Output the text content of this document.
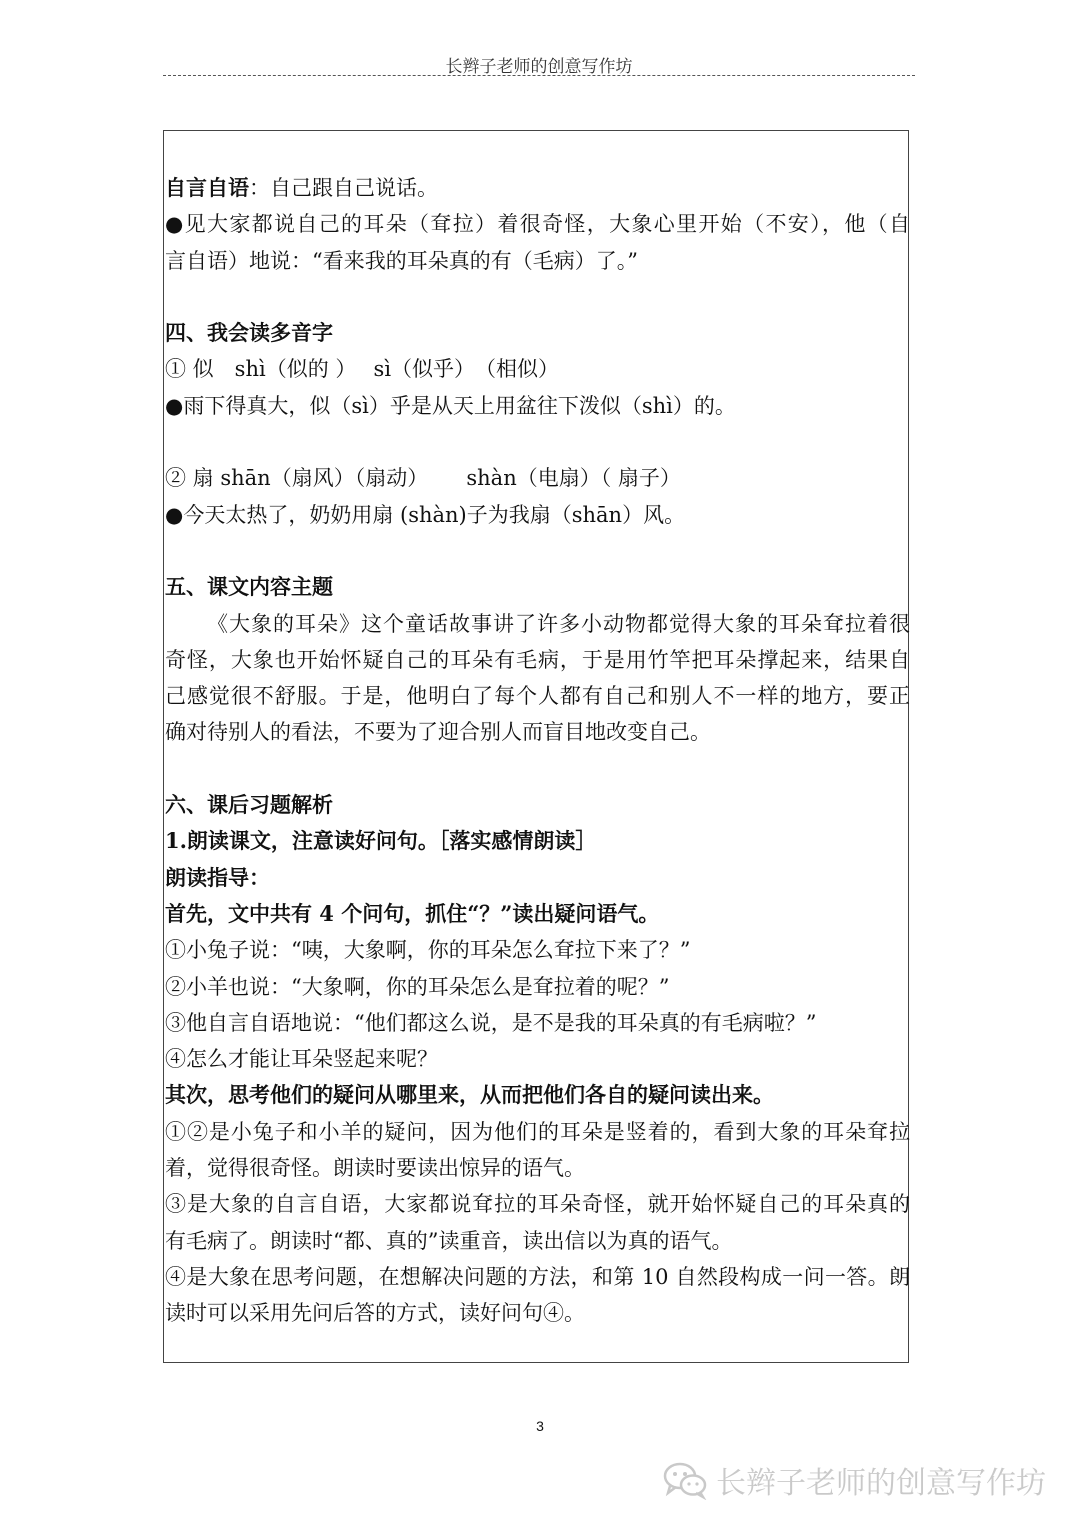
长辫子老师的创意写作坊
自言自语：自己跟自己说话。
●见大家都说自己的耳朵（耷拉）着很奇怪，大象心里开始（不安），他（自
言自语）地说：“看来我的耳朵真的有（毛病）了。”
四、我会读多音字
① 似　shì（似的 ）　 sì（似乎）　（相似）
●雨下得真大，似（sì）乎是从天上用盆往下泼似（shì）的。
② 扇 shān（扇风）（扇动）　　 shàn（电扇）（ 扇子）
●今天太热了，奶奶用扇 (shàn)子为我扇（shān）风。
五、课文内容主题
《大象的耳朵》这个童话故事讲了许多小动物都觉得大象的耳朵耷拉着很
奇怪，大象也开始怀疑自己的耳朵有毛病，于是用竹竿把耳朵撑起来，结果自
己感觉很不舒服。于是，他明白了每个人都有自己和别人不一样的地方，要正
确对待别人的看法，不要为了迎合别人而盲目地改变自己。
六、课后习题解析
1.朗读课文，注意读好问句。［落实感情朗读］
朗读指导：
首先，文中共有 4 个问句，抓住“？”读出疑问语气。
①小兔子说：“咦，大象啊，你的耳朵怎么耷拉下来了？”
②小羊也说：“大象啊，你的耳朵怎么是耷拉着的呢？”
③他自言自语地说：“他们都这么说，是不是我的耳朵真的有毛病啦？”
④怎么才能让耳朵竖起来呢？
其次，思考他们的疑问从哪里来，从而把他们各自的疑问读出来。
①②是小兔子和小羊的疑问，因为他们的耳朵是竖着的，看到大象的耳朵耷拉
着，觉得很奇怪。朗读时要读出惊异的语气。
③是大象的自言自语，大家都说耷拉的耳朵奇怪，就开始怀疑自己的耳朵真的
有毛病了。朗读时“都、真的”读重音，读出信以为真的语气。
④是大象在思考问题，在想解决问题的方法，和第 10 自然段构成一问一答。朗
读时可以采用先问后答的方式，读好问句④。
3
长辫子老师的创意写作坊
